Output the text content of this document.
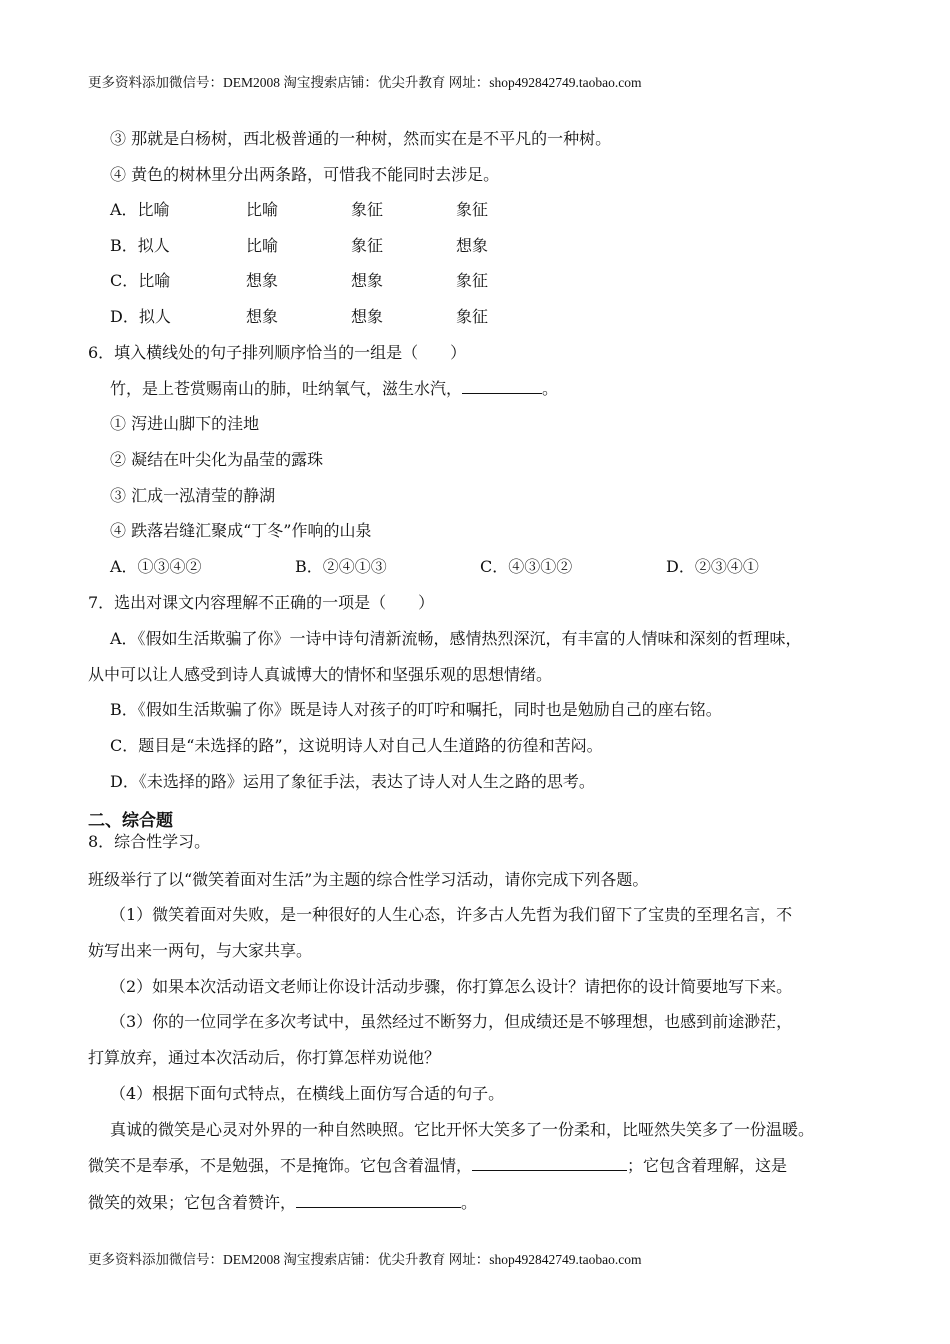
更多资料添加微信号：DEM2008 淘宝搜索店铺：优尖升教育 网址：shop492842749.taobao.com
③ 那就是白杨树，西北极普通的一种树，然而实在是不平凡的一种树。
④ 黄色的树林里分出两条路，可惜我不能同时去涉足。
A．比喻	比喻	象征	象征
B．拟人	比喻	象征	想象
C．比喻	想象	想象	象征
D．拟人	想象	想象	象征
6．填入横线处的句子排列顺序恰当的一组是（　　）
竹，是上苍赏赐南山的肺，吐纳氧气，滋生水汽，	。
① 泻进山脚下的洼地
② 凝结在叶尖化为晶莹的露珠
③ 汇成一泓清莹的静湖
④ 跌落岩缝汇聚成“丁冬”作响的山泉
A．①③④②	B．②④①③	C．④③①②	D．②③④①
7．选出对课文内容理解不正确的一项是（　　）
A．《假如生活欺骗了你》一诗中诗句清新流畅，感情热烈深沉，有丰富的人情味和深刻的哲理味，
从中可以让人感受到诗人真诚博大的情怀和坚强乐观的思想情绪。
B．《假如生活欺骗了你》既是诗人对孩子的叮咛和嘱托，同时也是勉励自己的座右铭。
C．题目是“未选择的路”，这说明诗人对自己人生道路的彷徨和苦闷。
D．《未选择的路》运用了象征手法，表达了诗人对人生之路的思考。
二、综合题
8．综合性学习。
班级举行了以“微笑着面对生活”为主题的综合性学习活动，请你完成下列各题。
（1）微笑着面对失败，是一种很好的人生心态，许多古人先哲为我们留下了宝贵的至理名言，不
妨写出来一两句，与大家共享。
（2）如果本次活动语文老师让你设计活动步骤，你打算怎么设计？请把你的设计简要地写下来。
（3）你的一位同学在多次考试中，虽然经过不断努力，但成绩还是不够理想，也感到前途渺茫，
打算放弃，通过本次活动后，你打算怎样劝说他？
（4）根据下面句式特点，在横线上面仿写合适的句子。
真诚的微笑是心灵对外界的一种自然映照。它比开怀大笑多了一份柔和，比哑然失笑多了一份温暖。
微笑不是奉承，不是勉强，不是掩饰。它包含着温情，	；它包含着理解，这是
微笑的效果；它包含着赞许，	。
更多资料添加微信号：DEM2008 淘宝搜索店铺：优尖升教育 网址：shop492842749.taobao.com
